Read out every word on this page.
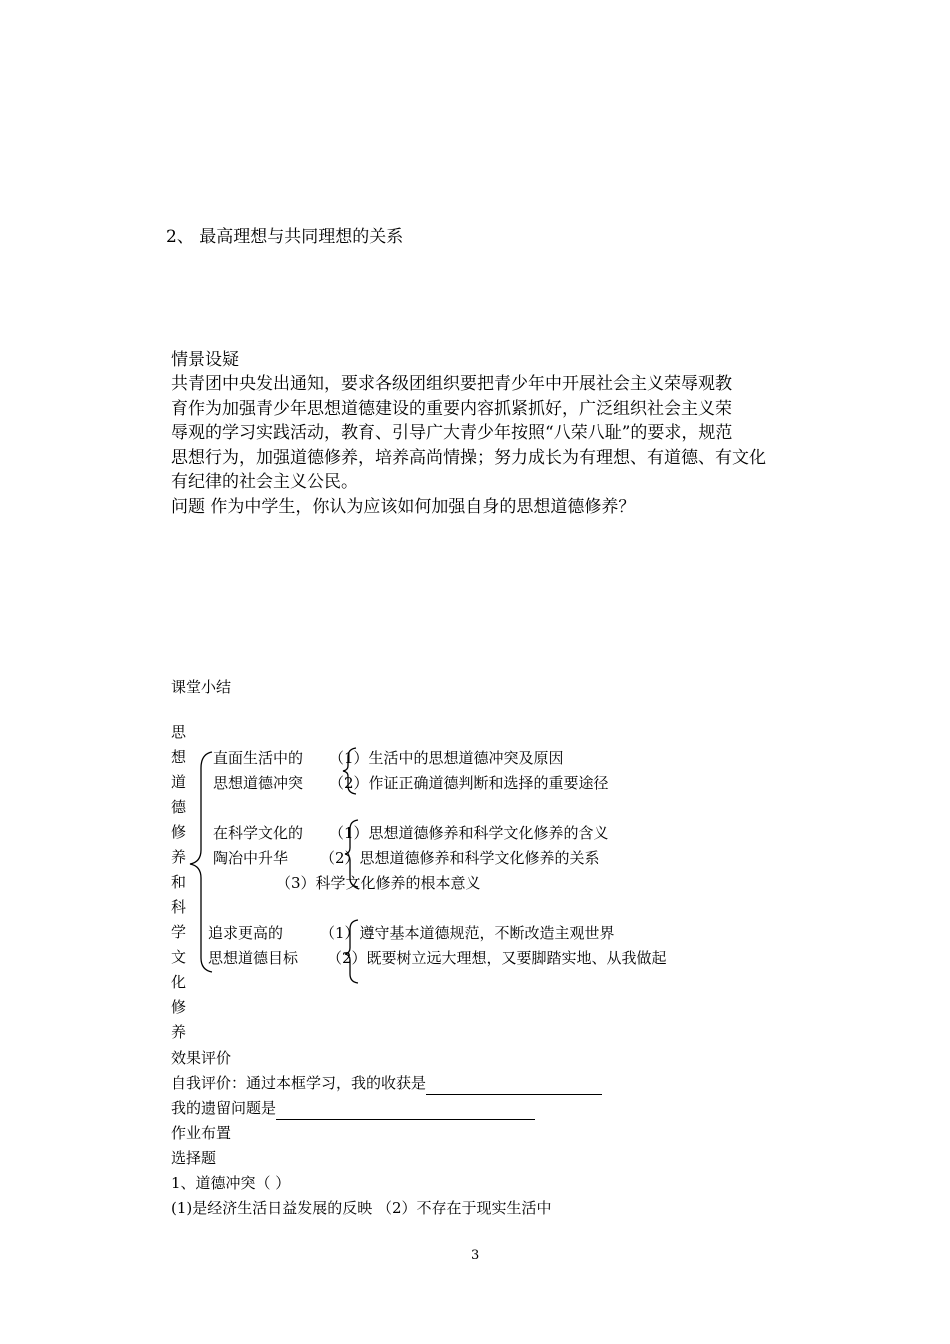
2、 最高理想与共同理想的关系
情景设疑
共青团中央发出通知，要求各级团组织要把青少年中开展社会主义荣辱观教
育作为加强青少年思想道德建设的重要内容抓紧抓好，广泛组织社会主义荣
辱观的学习实践活动，教育、引导广大青少年按照“八荣八耻”的要求，规范
思想行为，加强道德修养，培养高尚情操；努力成长为有理想、有道德、有文化
有纪律的社会主义公民。
问题 作为中学生，你认为应该如何加强自身的思想道德修养？
课堂小结
思
想
道
德
修
养
和
科
学
文
化
修
养
直面生活中的
思想道德冲突
（1）生活中的思想道德冲突及原因
（2）作证正确道德判断和选择的重要途径
在科学文化的
陶冶中升华
（1）思想道德修养和科学文化修养的含义
（2）思想道德修养和科学文化修养的关系
（3）科学文化修养的根本意义
追求更高的
思想道德目标
（1）遵守基本道德规范，不断改造主观世界
（2）既要树立远大理想，又要脚踏实地、从我做起
效果评价
自我评价：通过本框学习，我的收获是
我的遗留问题是
作业布置
选择题
1、道德冲突（ ）
(1)是经济生活日益发展的反映 （2）不存在于现实生活中
3
